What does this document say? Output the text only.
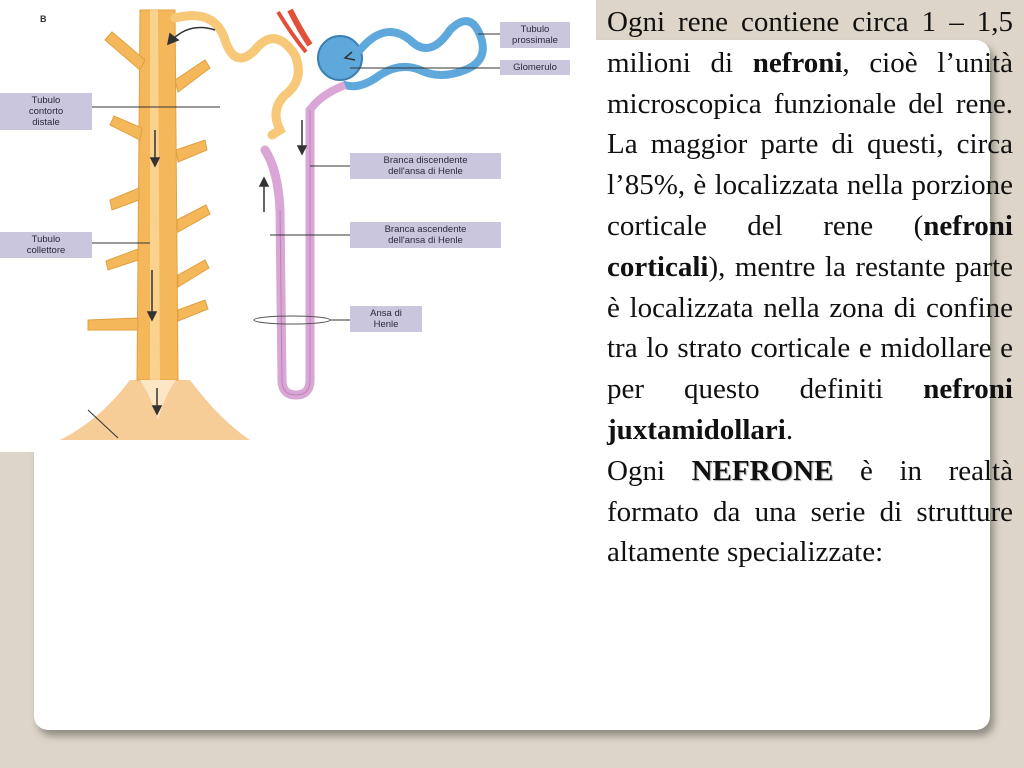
B
Tubulo
prossimale
Glomerulo
Tubulo
contorto
distale
Tubulo
collettore
Branca discendente
dell'ansa di Henle
Branca ascendente
dell'ansa di Henle
Ansa di
Henle

Ogni rene contiene circa 1 – 1,5 milioni di nefroni, cioè l’unità microscopica funzionale del rene. La maggior parte di questi, circa l’85%, è localizzata nella porzione corticale del rene (nefroni corticali), mentre la restante parte è localizzata nella zona di confine tra lo strato corticale e midollare e per questo definiti nefroni juxtamidollari.

Ogni NEFRONE è in realtà formato da una serie di strutture altamente specializzate:
